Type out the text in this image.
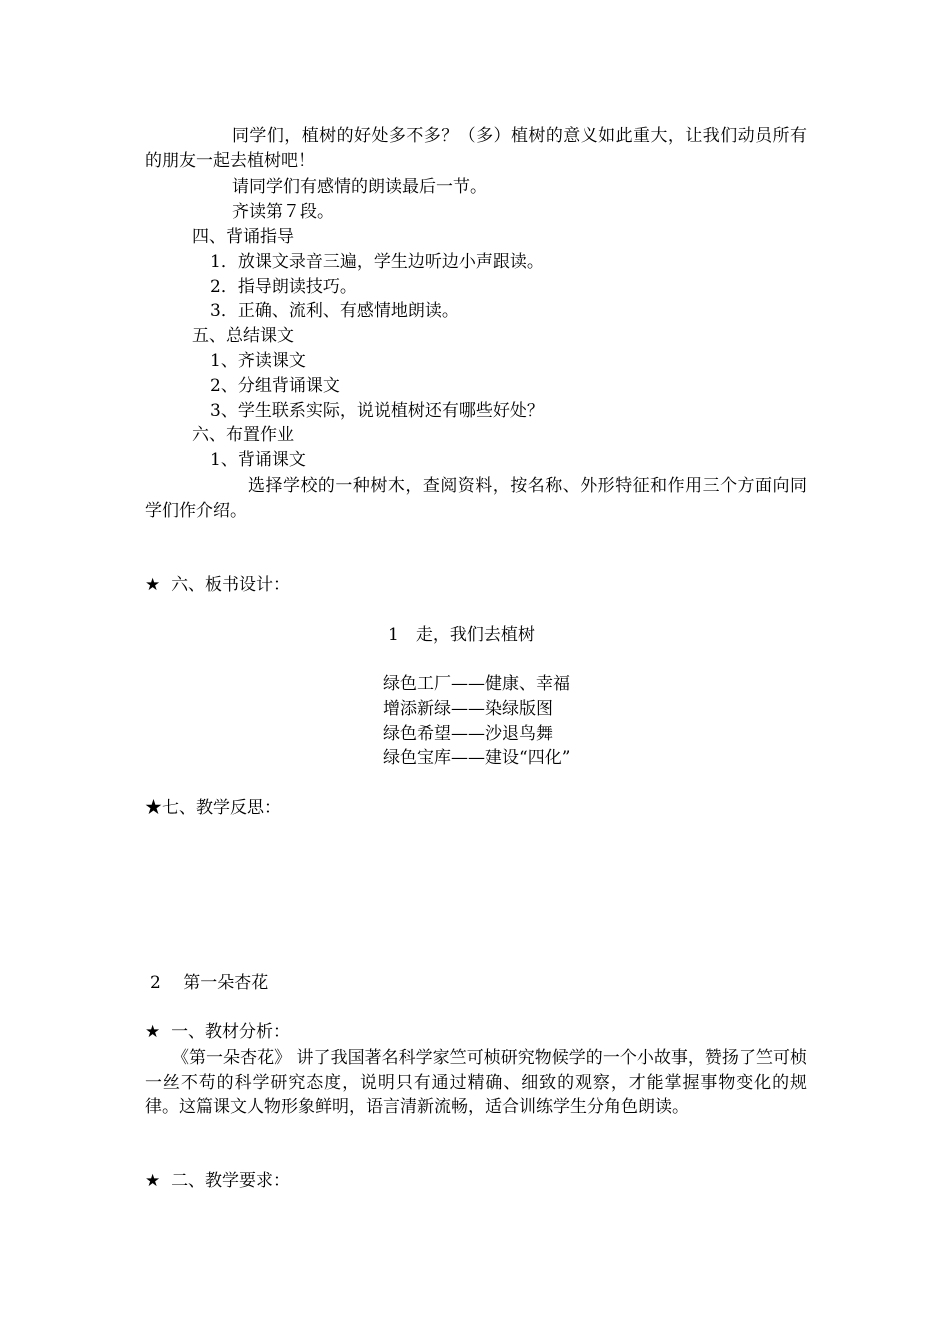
同学们，植树的好处多不多？（多）植树的意义如此重大，让我们动员所有的朋友一起去植树吧！
请同学们有感情的朗读最后一节。
齐读第７段。
四、背诵指导
1．放课文录音三遍，学生边听边小声跟读。
2．指导朗读技巧。
3．正确、流利、有感情地朗读。
五、总结课文
1、齐读课文
2、分组背诵课文
3、学生联系实际，说说植树还有哪些好处？
六、布置作业
1、背诵课文
选择学校的一种树木，查阅资料，按名称、外形特征和作用三个方面向同学们作介绍。
★ 六、板书设计：
1　走，我们去植树
绿色工厂——健康、幸福
增添新绿——染绿版图
绿色希望——沙退鸟舞
绿色宝库——建设“四化”
★七、教学反思：
2　 第一朵杏花
★ 一、教材分析：
《第一朵杏花》 讲了我国著名科学家竺可桢研究物候学的一个小故事，赞扬了竺可桢一丝不苟的科学研究态度，说明只有通过精确、细致的观察，才能掌握事物变化的规律。这篇课文人物形象鲜明，语言清新流畅，适合训练学生分角色朗读。
★ 二、教学要求：
